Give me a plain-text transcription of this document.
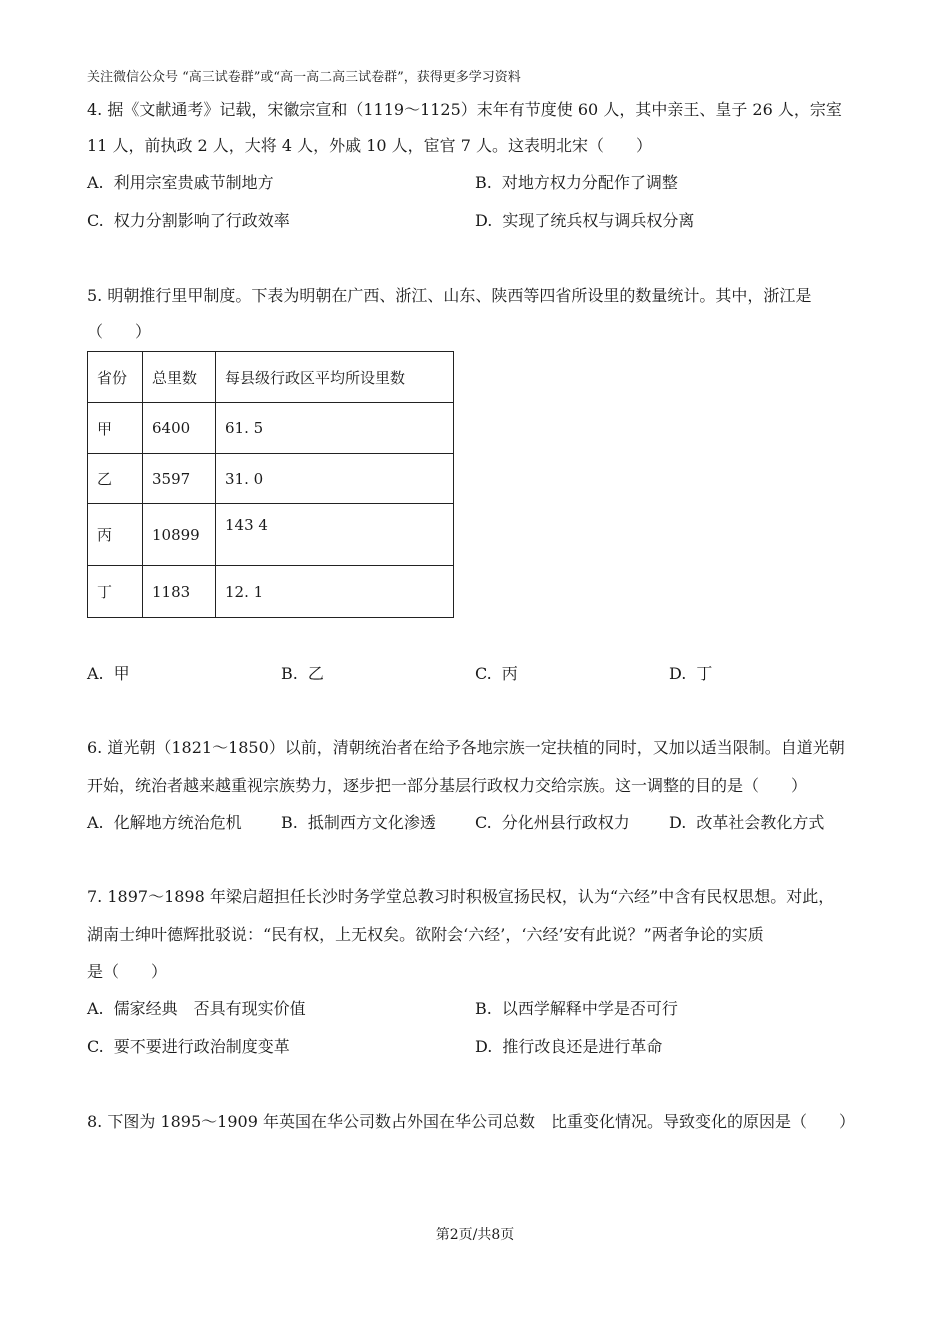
关注微信公众号 “高三试卷群”或“高一高二高三试卷群”，获得更多学习资料
4. 据《文献通考》记载，宋徽宗宣和（1119～1125）末年有节度使 60 人，其中亲王、皇子 26 人，宗室
11 人，前执政 2 人，大将 4 人，外戚 10 人，宦官 7 人。这表明北宋（　　）
A. 利用宗室贵戚节制地方	B. 对地方权力分配作了调整
C. 权力分割影响了行政效率	D. 实现了统兵权与调兵权分离
5. 明朝推行里甲制度。下表为明朝在广西、浙江、山东、陕西等四省所设里的数量统计。其中，浙江是
（　　）
省份	总里数	每县级行政区平均所设里数
甲	6400	61. 5
乙	3597	31. 0
丙	10899	143 4
丁	1183	12. 1
A. 甲	B. 乙	C. 丙	D. 丁
6. 道光朝（1821～1850）以前，清朝统治者在给予各地宗族一定扶植的同时，又加以适当限制。自道光朝
开始，统治者越来越重视宗族势力，逐步把一部分基层行政权力交给宗族。这一调整的目的是（　　）
A. 化解地方统治危机 B. 抵制西方文化渗透 C. 分化州县行政权力 D. 改革社会教化方式
7. 1897～1898 年梁启超担任长沙时务学堂总教习时积极宣扬民权，认为“六经”中含有民权思想。对此，
湖南士绅叶德辉批驳说：“民有权，上无权矣。欲附会‘六经’，‘六经’安有此说？”两者争论的实质
是（　　）
A. 儒家经典　否具有现实价值	B. 以西学解释中学是否可行
C. 要不要进行政治制度变革	D. 推行改良还是进行革命
8. 下图为 1895～1909 年英国在华公司数占外国在华公司总数　比重变化情况。导致变化的原因是（　　）
第2页/共8页
